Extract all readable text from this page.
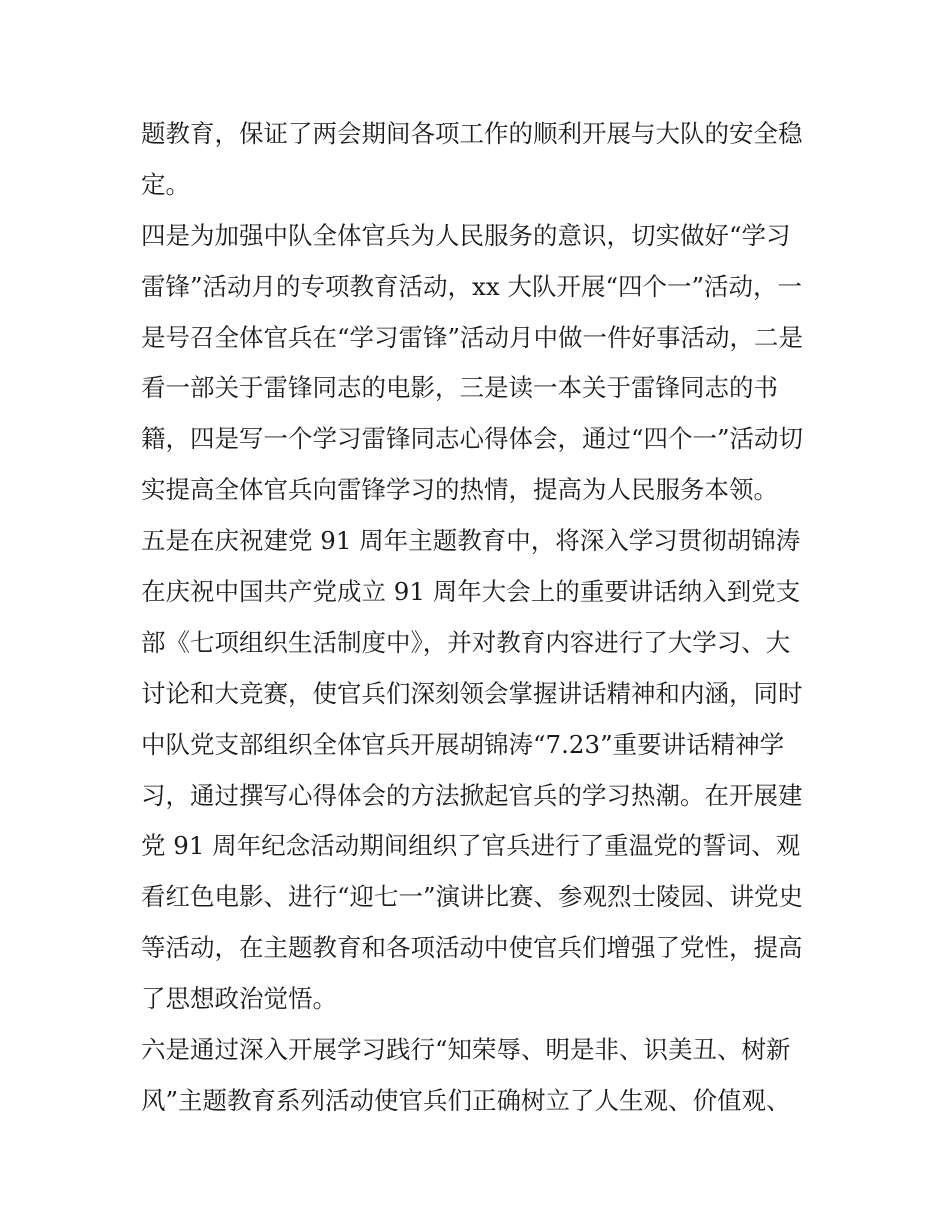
题教育，保证了两会期间各项工作的顺利开展与大队的安全稳
定。
四是为加强中队全体官兵为人民服务的意识，切实做好“学习
雷锋”活动月的专项教育活动，xx 大队开展“四个一”活动，一
是号召全体官兵在“学习雷锋”活动月中做一件好事活动，二是
看一部关于雷锋同志的电影，三是读一本关于雷锋同志的书
籍，四是写一个学习雷锋同志心得体会，通过“四个一”活动切
实提高全体官兵向雷锋学习的热情，提高为人民服务本领。
五是在庆祝建党 91 周年主题教育中，将深入学习贯彻胡锦涛
在庆祝中国共产党成立 91 周年大会上的重要讲话纳入到党支
部《七项组织生活制度中》，并对教育内容进行了大学习、大
讨论和大竞赛，使官兵们深刻领会掌握讲话精神和内涵，同时
中队党支部组织全体官兵开展胡锦涛“7.23”重要讲话精神学
习，通过撰写心得体会的方法掀起官兵的学习热潮。在开展建
党 91 周年纪念活动期间组织了官兵进行了重温党的誓词、观
看红色电影、进行“迎七一”演讲比赛、参观烈士陵园、讲党史
等活动，在主题教育和各项活动中使官兵们增强了党性，提高
了思想政治觉悟。
六是通过深入开展学习践行“知荣辱、明是非、识美丑、树新
风”主题教育系列活动使官兵们正确树立了人生观、价值观、
